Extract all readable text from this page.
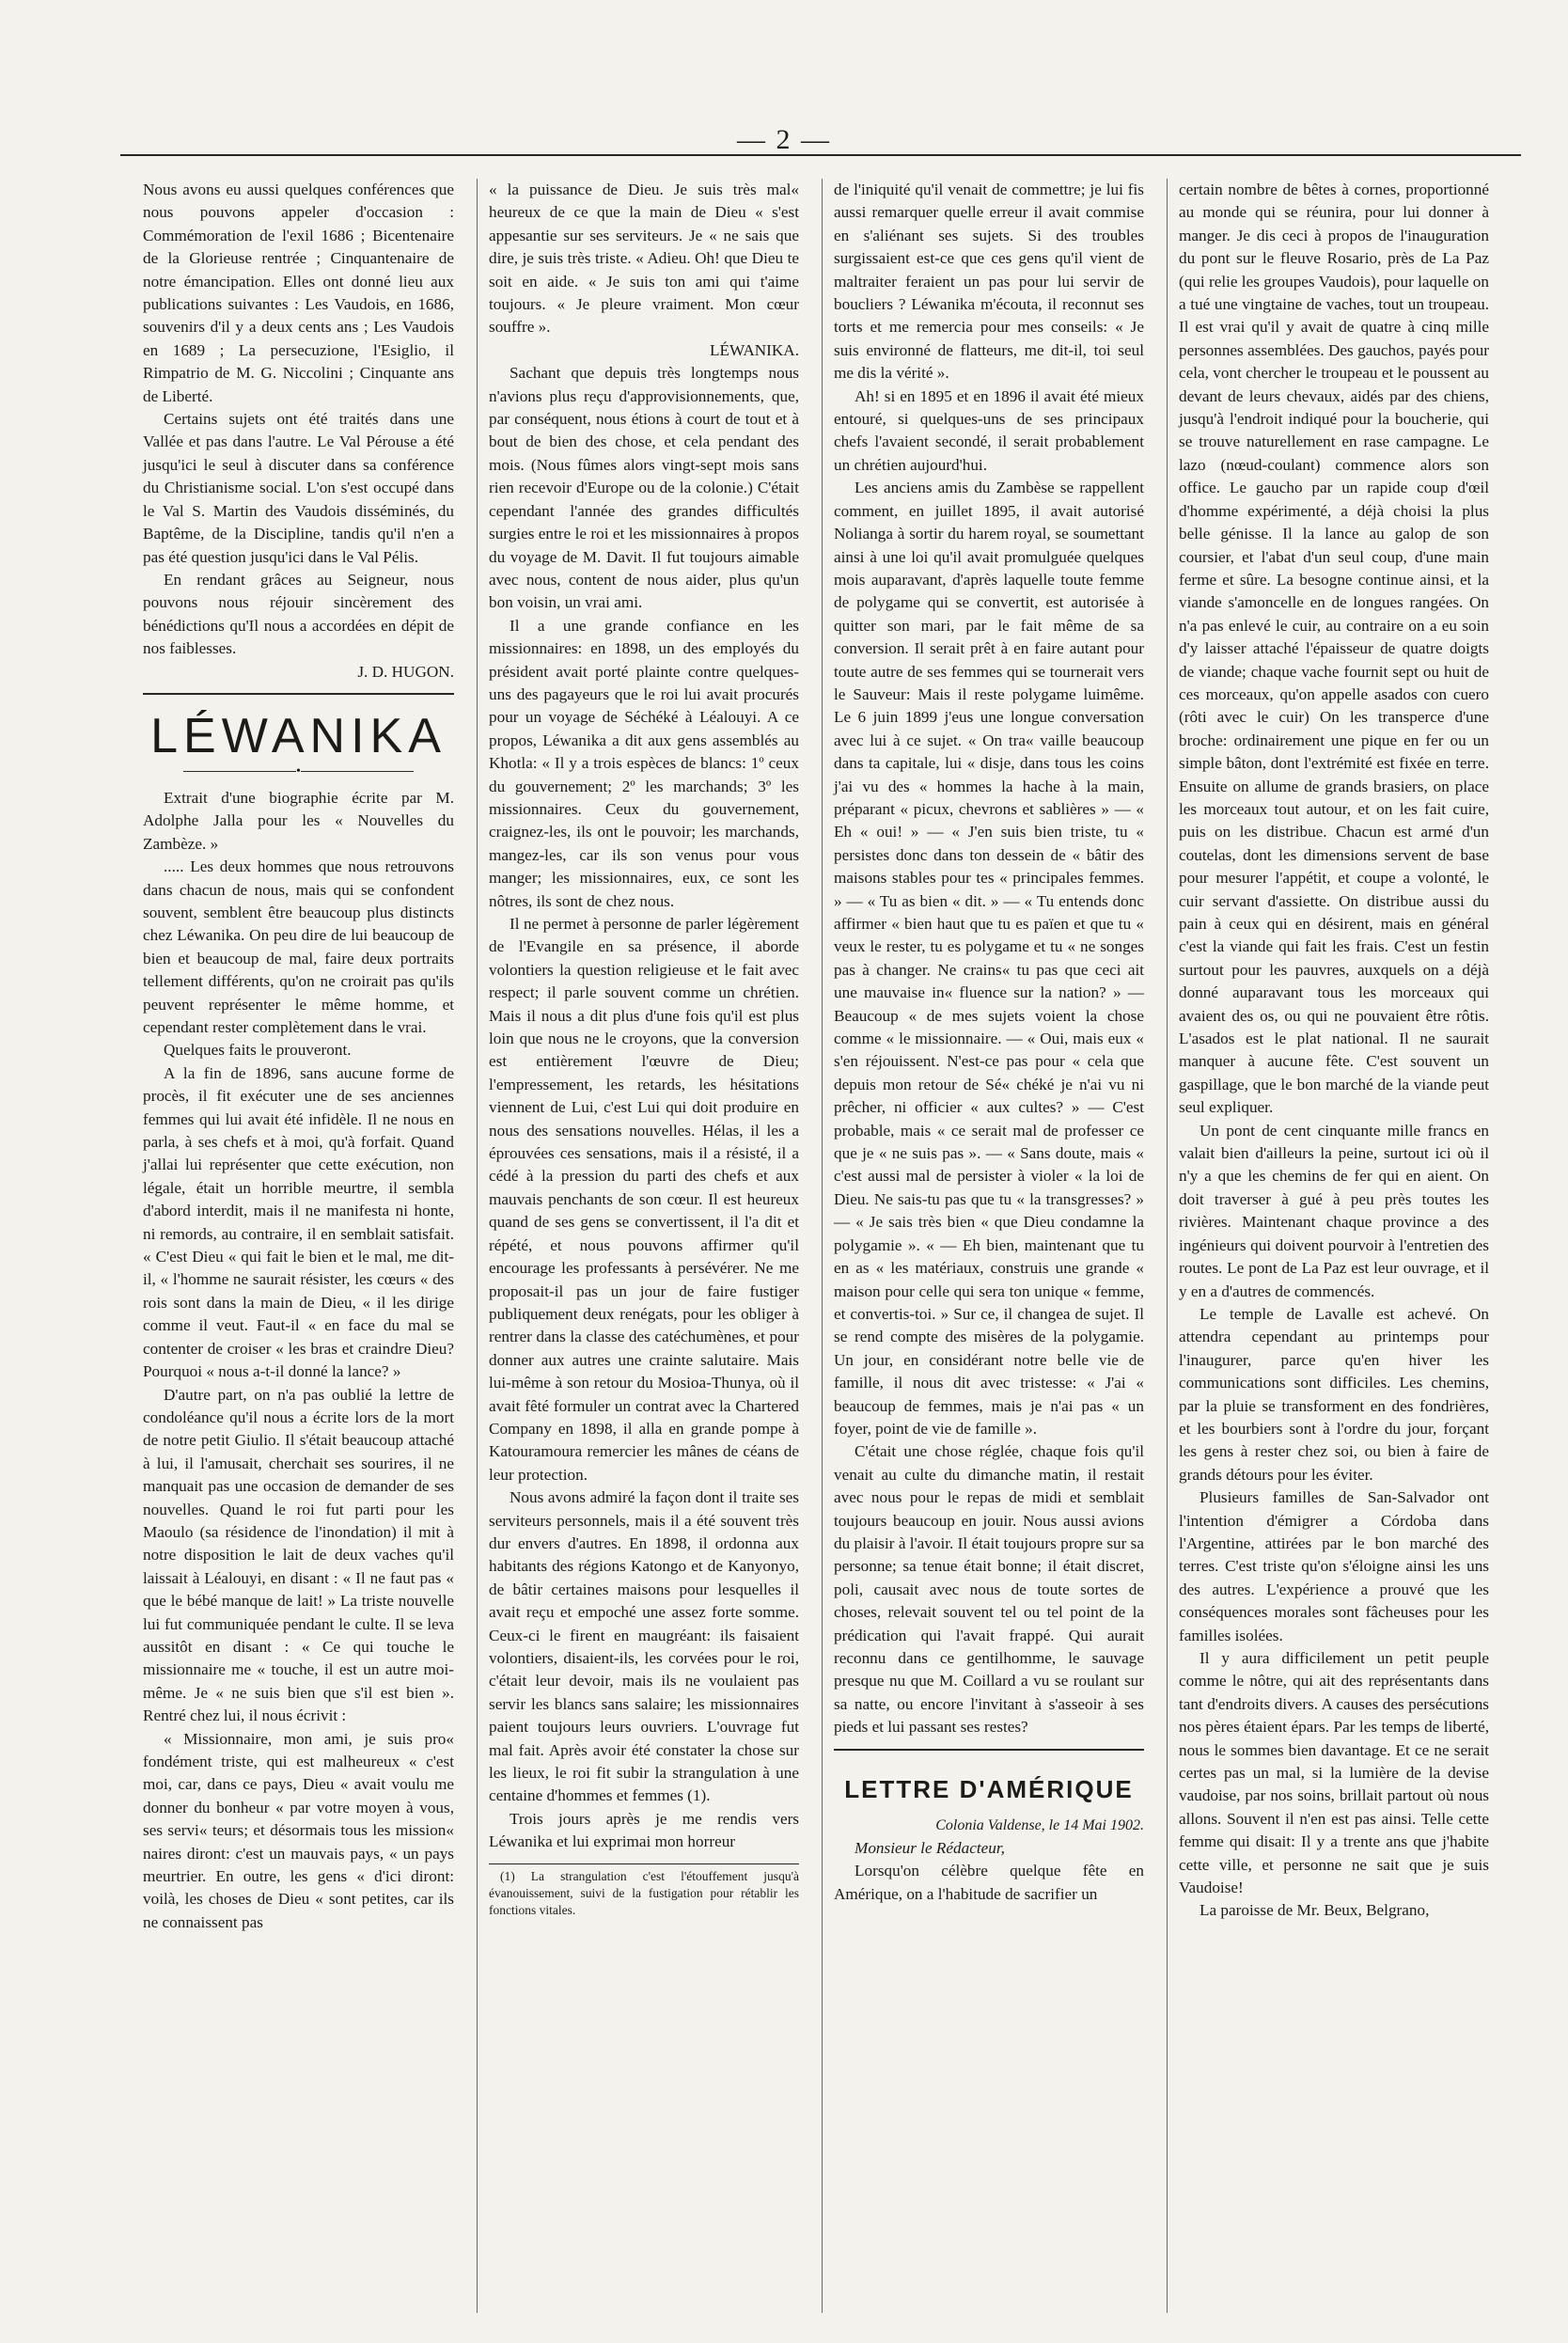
— 2 —

Nous avons eu aussi quelques conférences que nous pouvons appeler d'occasion : Commémoration de l'exil 1686 ; Bicentenaire de la Glorieuse rentrée ; Cinquantenaire de notre émancipation. Elles ont donné lieu aux publications suivantes : Les Vaudois, en 1686, souvenirs d'il y a deux cents ans ; Les Vaudois en 1689 ; La persecuzione, l'Esiglio, il Rimpatrio de M. G. Niccolini ; Cinquante ans de Liberté.

Certains sujets ont été traités dans une Vallée et pas dans l'autre. Le Val Pérouse a été jusqu'ici le seul à discuter dans sa conférence du Christianisme social. L'on s'est occupé dans le Val S. Martin des Vaudois disséminés, du Baptême, de la Discipline, tandis qu'il n'en a pas été question jusqu'ici dans le Val Pélis.

En rendant grâces au Seigneur, nous pouvons nous réjouir sincèrement des bénédictions qu'Il nous a accordées en dépit de nos faiblesses.

J. D. HUGON.

LÉWANIKA
•

Extrait d'une biographie écrite par M. Adolphe Jalla pour les « Nouvelles du Zambèze. »

..... Les deux hommes que nous retrouvons dans chacun de nous, mais qui se confondent souvent, semblent être beaucoup plus distincts chez Léwanika. On peu dire de lui beaucoup de bien et beaucoup de mal, faire deux portraits tellement différents, qu'on ne croirait pas qu'ils peuvent représenter le même homme, et cependant rester complètement dans le vrai.

Quelques faits le prouveront.

A la fin de 1896, sans aucune forme de procès, il fit exécuter une de ses anciennes femmes qui lui avait été infidèle. Il ne nous en parla, à ses chefs et à moi, qu'à forfait. Quand j'allai lui représenter que cette exécution, non légale, était un horrible meurtre, il sembla d'abord interdit, mais il ne manifesta ni honte, ni remords, au contraire, il en semblait satisfait. « C'est Dieu « qui fait le bien et le mal, me dit-il, « l'homme ne saurait résister, les cœurs « des rois sont dans la main de Dieu, « il les dirige comme il veut. Faut-il « en face du mal se contenter de croiser « les bras et craindre Dieu? Pourquoi « nous a-t-il donné la lance? »

D'autre part, on n'a pas oublié la lettre de condoléance qu'il nous a écrite lors de la mort de notre petit Giulio. Il s'était beaucoup attaché à lui, il l'amusait, cherchait ses sourires, il ne manquait pas une occasion de demander de ses nouvelles. Quand le roi fut parti pour les Maoulo (sa résidence de l'inondation) il mit à notre disposition le lait de deux vaches qu'il laissait à Léalouyi, en disant : « Il ne faut pas « que le bébé manque de lait! » La triste nouvelle lui fut communiquée pendant le culte. Il se leva aussitôt en disant : « Ce qui touche le missionnaire me « touche, il est un autre moi-même. Je « ne suis bien que s'il est bien ». Rentré chez lui, il nous écrivit :

« Missionnaire, mon ami, je suis pro« fondément triste, qui est malheureux « c'est moi, car, dans ce pays, Dieu « avait voulu me donner du bonheur « par votre moyen à vous, ses servi« teurs; et désormais tous les mission« naires diront: c'est un mauvais pays, « un pays meurtrier. En outre, les gens « d'ici diront: voilà, les choses de Dieu « sont petites, car ils ne connaissent pas

« la puissance de Dieu. Je suis très mal« heureux de ce que la main de Dieu « s'est appesantie sur ses serviteurs. Je « ne sais que dire, je suis très triste. « Adieu. Oh! que Dieu te soit en aide. « Je suis ton ami qui t'aime toujours. « Je pleure vraiment. Mon cœur souffre ».

LÉWANIKA.

Sachant que depuis très longtemps nous n'avions plus reçu d'approvisionnements, que, par conséquent, nous étions à court de tout et à bout de bien des chose, et cela pendant des mois. (Nous fûmes alors vingt-sept mois sans rien recevoir d'Europe ou de la colonie.) C'était cependant l'année des grandes difficultés surgies entre le roi et les missionnaires à propos du voyage de M. Davit. Il fut toujours aimable avec nous, content de nous aider, plus qu'un bon voisin, un vrai ami.

Il a une grande confiance en les missionnaires: en 1898, un des employés du président avait porté plainte contre quelques-uns des pagayeurs que le roi lui avait procurés pour un voyage de Séchéké à Léalouyi. A ce propos, Léwanika a dit aux gens assemblés au Khotla: « Il y a trois espèces de blancs: 1º ceux du gouvernement; 2º les marchands; 3º les missionnaires. Ceux du gouvernement, craignez-les, ils ont le pouvoir; les marchands, mangez-les, car ils son venus pour vous manger; les missionnaires, eux, ce sont les nôtres, ils sont de chez nous.

Il ne permet à personne de parler légèrement de l'Evangile en sa présence, il aborde volontiers la question religieuse et le fait avec respect; il parle souvent comme un chrétien. Mais il nous a dit plus d'une fois qu'il est plus loin que nous ne le croyons, que la conversion est entièrement l'œuvre de Dieu; l'empressement, les retards, les hésitations viennent de Lui, c'est Lui qui doit produire en nous des sensations nouvelles. Hélas, il les a éprouvées ces sensations, mais il a résisté, il a cédé à la pression du parti des chefs et aux mauvais penchants de son cœur. Il est heureux quand de ses gens se convertissent, il l'a dit et répété, et nous pouvons affirmer qu'il encourage les professants à persévérer. Ne me proposait-il pas un jour de faire fustiger publiquement deux renégats, pour les obliger à rentrer dans la classe des catéchumènes, et pour donner aux autres une crainte salutaire. Mais lui-même à son retour du Mosioa-Thunya, où il avait fêté formuler un contrat avec la Chartered Company en 1898, il alla en grande pompe à Katouramoura remercier les mânes de céans de leur protection.

Nous avons admiré la façon dont il traite ses serviteurs personnels, mais il a été souvent très dur envers d'autres. En 1898, il ordonna aux habitants des régions Katongo et de Kanyonyo, de bâtir certaines maisons pour lesquelles il avait reçu et empoché une assez forte somme. Ceux-ci le firent en maugréant: ils faisaient volontiers, disaient-ils, les corvées pour le roi, c'était leur devoir, mais ils ne voulaient pas servir les blancs sans salaire; les missionnaires paient toujours leurs ouvriers. L'ouvrage fut mal fait. Après avoir été constater la chose sur les lieux, le roi fit subir la strangulation à une centaine d'hommes et femmes (1).

Trois jours après je me rendis vers Léwanika et lui exprimai mon horreur

(1) La strangulation c'est l'étouffement jusqu'à évanouissement, suivi de la fustigation pour rétablir les fonctions vitales.

de l'iniquité qu'il venait de commettre; je lui fis aussi remarquer quelle erreur il avait commise en s'aliénant ses sujets. Si des troubles surgissaient est-ce que ces gens qu'il vient de maltraiter feraient un pas pour lui servir de boucliers ? Léwanika m'écouta, il reconnut ses torts et me remercia pour mes conseils: « Je suis environné de flatteurs, me dit-il, toi seul me dis la vérité ».

Ah! si en 1895 et en 1896 il avait été mieux entouré, si quelques-uns de ses principaux chefs l'avaient secondé, il serait probablement un chrétien aujourd'hui.

Les anciens amis du Zambèse se rappellent comment, en juillet 1895, il avait autorisé Nolianga à sortir du harem royal, se soumettant ainsi à une loi qu'il avait promulguée quelques mois auparavant, d'après laquelle toute femme de polygame qui se convertit, est autorisée à quitter son mari, par le fait même de sa conversion. Il serait prêt à en faire autant pour toute autre de ses femmes qui se tournerait vers le Sauveur: Mais il reste polygame luimême. Le 6 juin 1899 j'eus une longue conversation avec lui à ce sujet. « On tra« vaille beaucoup dans ta capitale, lui « disje, dans tous les coins j'ai vu des « hommes la hache à la main, préparant « picux, chevrons et sablières » — « Eh « oui! » — « J'en suis bien triste, tu « persistes donc dans ton dessein de « bâtir des maisons stables pour tes « principales femmes. » — « Tu as bien « dit. » — « Tu entends donc affirmer « bien haut que tu es païen et que tu « veux le rester, tu es polygame et tu « ne songes pas à changer. Ne crains« tu pas que ceci ait une mauvaise in« fluence sur la nation? » — Beaucoup « de mes sujets voient la chose comme « le missionnaire. — « Oui, mais eux « s'en réjouissent. N'est-ce pas pour « cela que depuis mon retour de Sé« chéké je n'ai vu ni prêcher, ni officier « aux cultes? » — C'est probable, mais « ce serait mal de professer ce que je « ne suis pas ». — « Sans doute, mais « c'est aussi mal de persister à violer « la loi de Dieu. Ne sais-tu pas que tu « la transgresses? » — « Je sais très bien « que Dieu condamne la polygamie ». « — Eh bien, maintenant que tu en as « les matériaux, construis une grande « maison pour celle qui sera ton unique « femme, et convertis-toi. » Sur ce, il changea de sujet. Il se rend compte des misères de la polygamie. Un jour, en considérant notre belle vie de famille, il nous dit avec tristesse: « J'ai « beaucoup de femmes, mais je n'ai pas « un foyer, point de vie de famille ».

C'était une chose réglée, chaque fois qu'il venait au culte du dimanche matin, il restait avec nous pour le repas de midi et semblait toujours beaucoup en jouir. Nous aussi avions du plaisir à l'avoir. Il était toujours propre sur sa personne; sa tenue était bonne; il était discret, poli, causait avec nous de toute sortes de choses, relevait souvent tel ou tel point de la prédication qui l'avait frappé. Qui aurait reconnu dans ce gentilhomme, le sauvage presque nu que M. Coillard a vu se roulant sur sa natte, ou encore l'invitant à s'asseoir à ses pieds et lui passant ses restes?

LETTRE D'AMÉRIQUE

Colonia Valdense, le 14 Mai 1902.

Monsieur le Rédacteur,

Lorsqu'on célèbre quelque fête en Amérique, on a l'habitude de sacrifier un

certain nombre de bêtes à cornes, proportionné au monde qui se réunira, pour lui donner à manger. Je dis ceci à propos de l'inauguration du pont sur le fleuve Rosario, près de La Paz (qui relie les groupes Vaudois), pour laquelle on a tué une vingtaine de vaches, tout un troupeau. Il est vrai qu'il y avait de quatre à cinq mille personnes assemblées. Des gauchos, payés pour cela, vont chercher le troupeau et le poussent au devant de leurs chevaux, aidés par des chiens, jusqu'à l'endroit indiqué pour la boucherie, qui se trouve naturellement en rase campagne. Le lazo (nœud-coulant) commence alors son office. Le gaucho par un rapide coup d'œil d'homme expérimenté, a déjà choisi la plus belle génisse. Il la lance au galop de son coursier, et l'abat d'un seul coup, d'une main ferme et sûre. La besogne continue ainsi, et la viande s'amoncelle en de longues rangées. On n'a pas enlevé le cuir, au contraire on a eu soin d'y laisser attaché l'épaisseur de quatre doigts de viande; chaque vache fournit sept ou huit de ces morceaux, qu'on appelle asados con cuero (rôti avec le cuir) On les transperce d'une broche: ordinairement une pique en fer ou un simple bâton, dont l'extrémité est fixée en terre. Ensuite on allume de grands brasiers, on place les morceaux tout autour, et on les fait cuire, puis on les distribue. Chacun est armé d'un coutelas, dont les dimensions servent de base pour mesurer l'appétit, et coupe a volonté, le cuir servant d'assiette. On distribue aussi du pain à ceux qui en désirent, mais en général c'est la viande qui fait les frais. C'est un festin surtout pour les pauvres, auxquels on a déjà donné auparavant tous les morceaux qui avaient des os, ou qui ne pouvaient être rôtis. L'asados est le plat national. Il ne saurait manquer à aucune fête. C'est souvent un gaspillage, que le bon marché de la viande peut seul expliquer.

Un pont de cent cinquante mille francs en valait bien d'ailleurs la peine, surtout ici où il n'y a que les chemins de fer qui en aient. On doit traverser à gué à peu près toutes les rivières. Maintenant chaque province a des ingénieurs qui doivent pourvoir à l'entretien des routes. Le pont de La Paz est leur ouvrage, et il y en a d'autres de commencés.

Le temple de Lavalle est achevé. On attendra cependant au printemps pour l'inaugurer, parce qu'en hiver les communications sont difficiles. Les chemins, par la pluie se transforment en des fondrières, et les bourbiers sont à l'ordre du jour, forçant les gens à rester chez soi, ou bien à faire de grands détours pour les éviter.

Plusieurs familles de San-Salvador ont l'intention d'émigrer a Córdoba dans l'Argentine, attirées par le bon marché des terres. C'est triste qu'on s'éloigne ainsi les uns des autres. L'expérience a prouvé que les conséquences morales sont fâcheuses pour les familles isolées.

Il y aura difficilement un petit peuple comme le nôtre, qui ait des représentants dans tant d'endroits divers. A causes des persécutions nos pères étaient épars. Par les temps de liberté, nous le sommes bien davantage. Et ce ne serait certes pas un mal, si la lumière de la devise vaudoise, par nos soins, brillait partout où nous allons. Souvent il n'en est pas ainsi. Telle cette femme qui disait: Il y a trente ans que j'habite cette ville, et personne ne sait que je suis Vaudoise!

La paroisse de Mr. Beux, Belgrano,
